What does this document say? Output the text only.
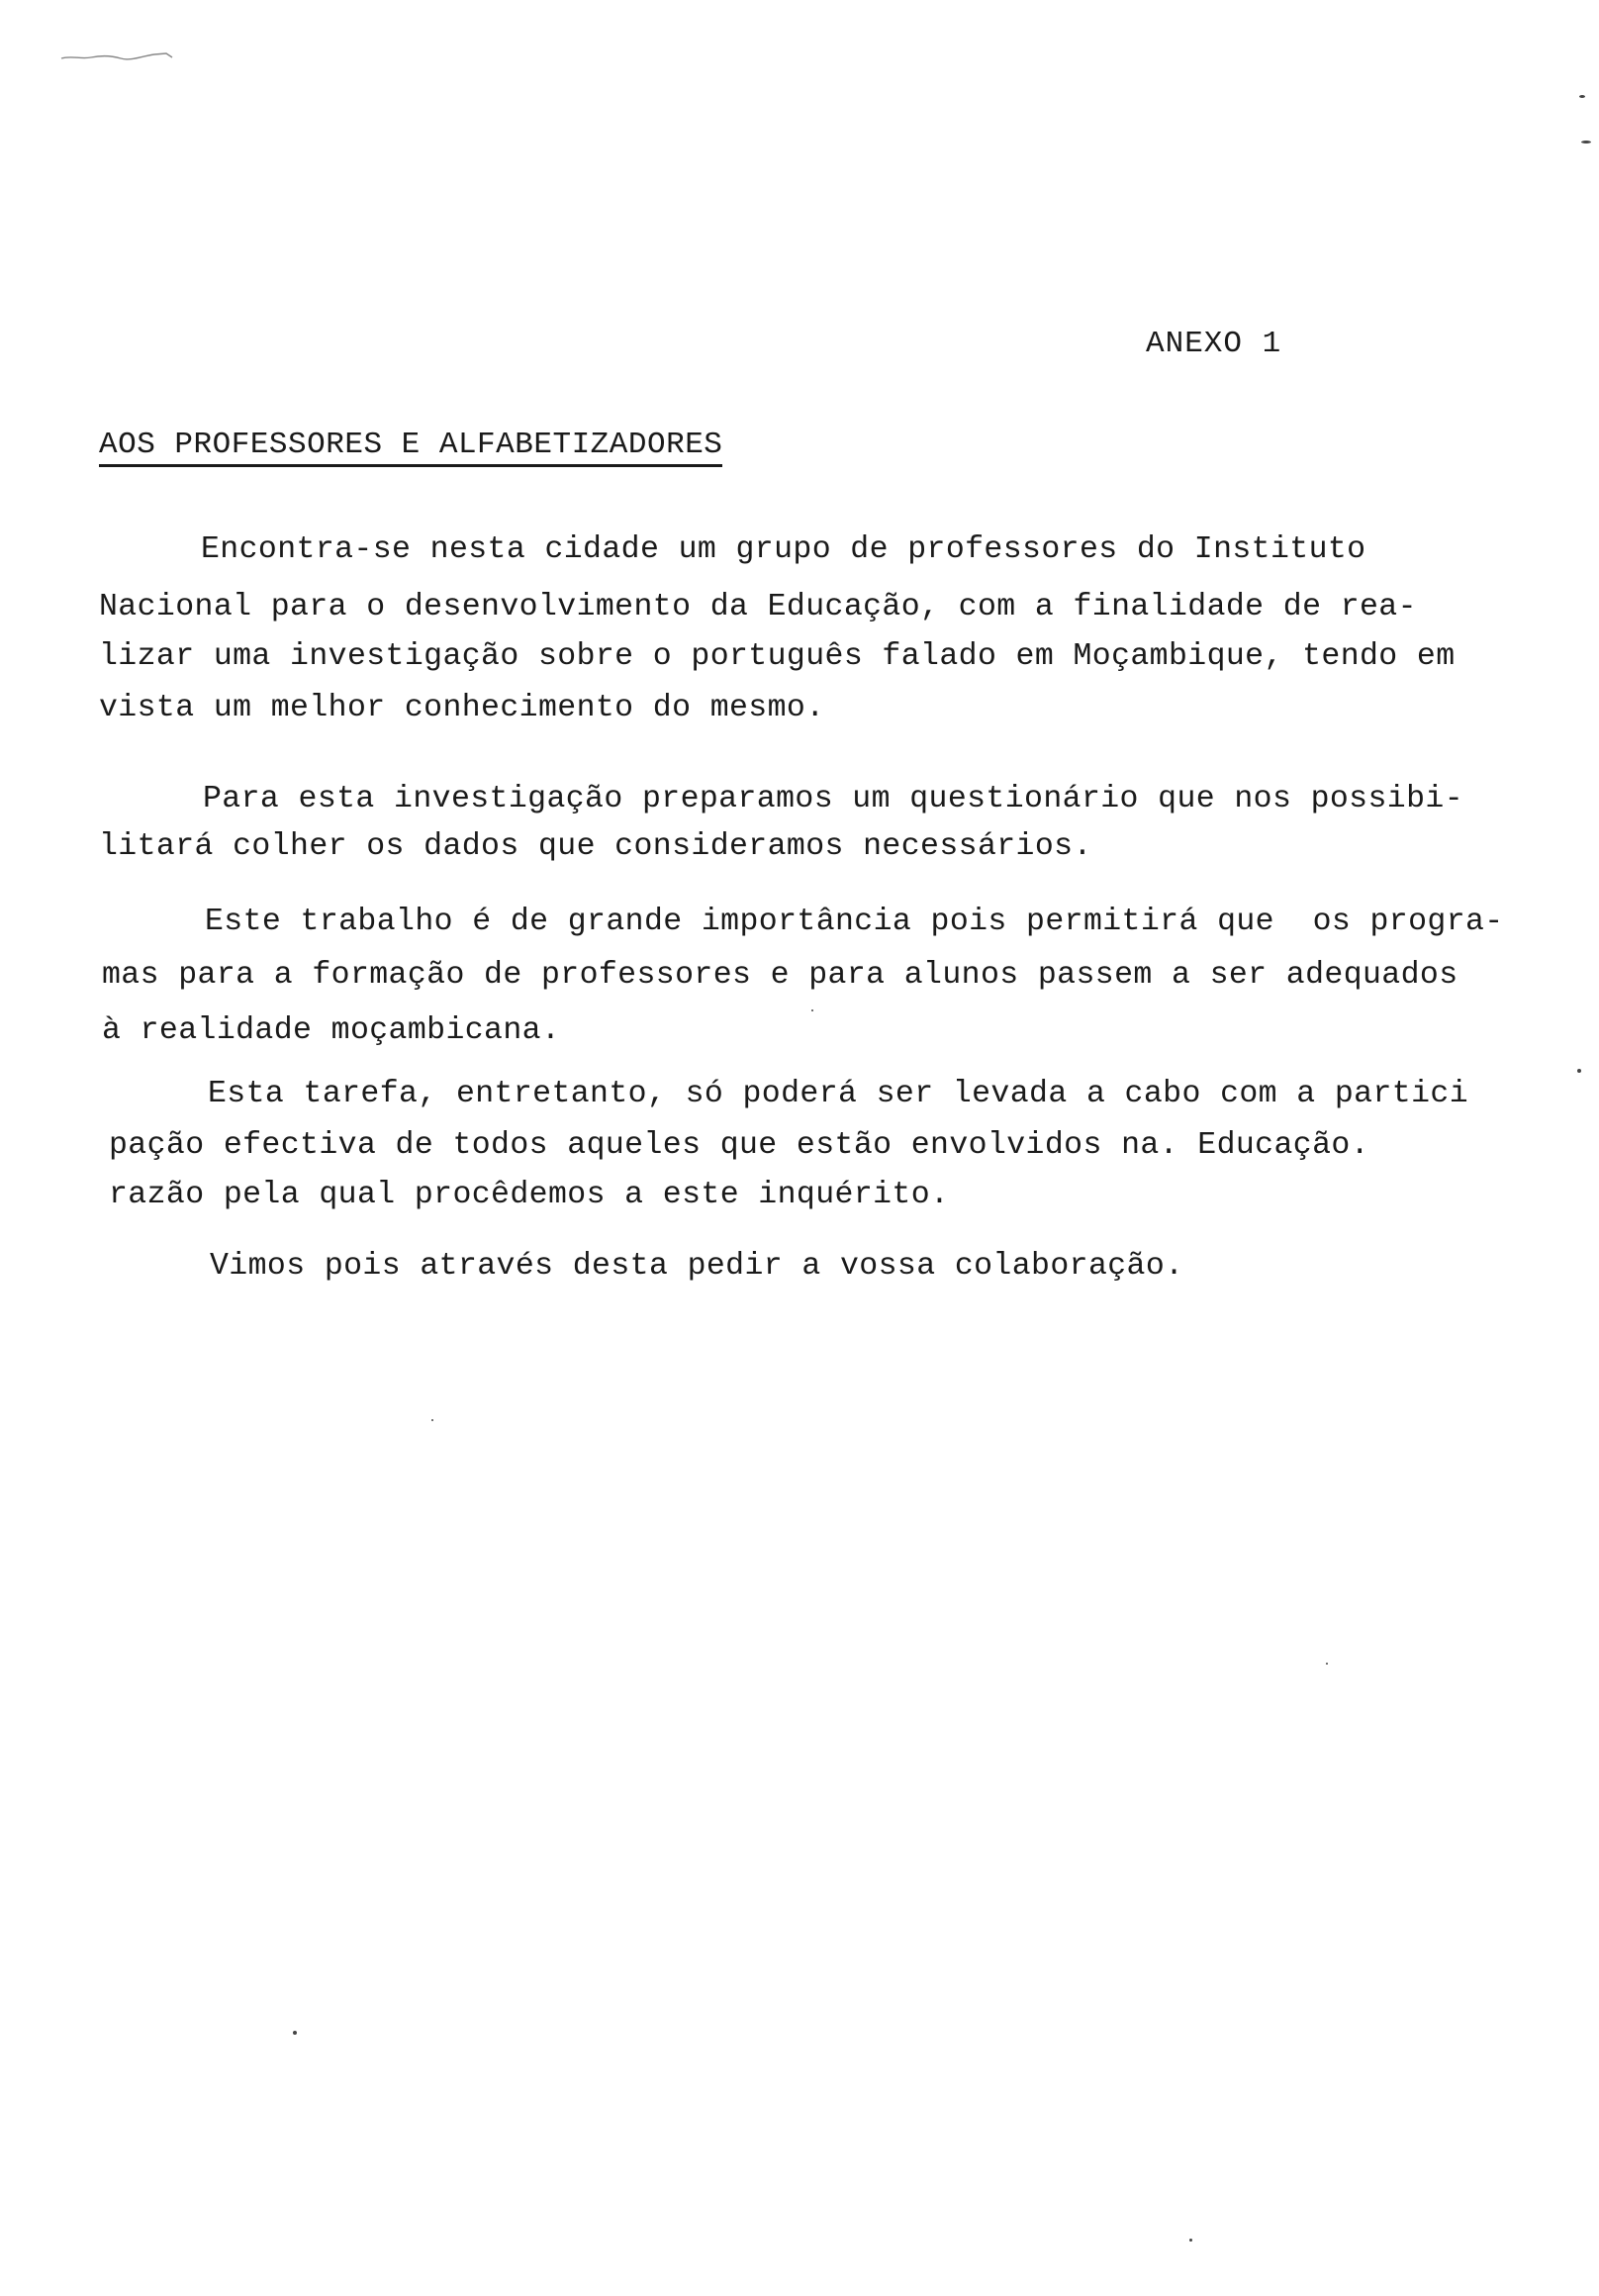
ANEXO 1
AOS PROFESSORES E ALFABETIZADORES
Encontra-se nesta cidade um grupo de professores do Instituto
Nacional para o desenvolvimento da Educação, com a finalidade de rea-
lizar uma investigação sobre o português falado em Moçambique, tendo em
vista um melhor conhecimento do mesmo.
Para esta investigação preparamos um questionário que nos possibi-
litará colher os dados que consideramos necessários.
Este trabalho é de grande importância pois permitirá que  os progra-
mas para a formação de professores e para alunos passem a ser adequados
à realidade moçambicana.
Esta tarefa, entretanto, só poderá ser levada a cabo com a partici
pação efectiva de todos aqueles que estão envolvidos na. Educação.
razão pela qual procêdemos a este inquérito.
Vimos pois através desta pedir a vossa colaboração.
